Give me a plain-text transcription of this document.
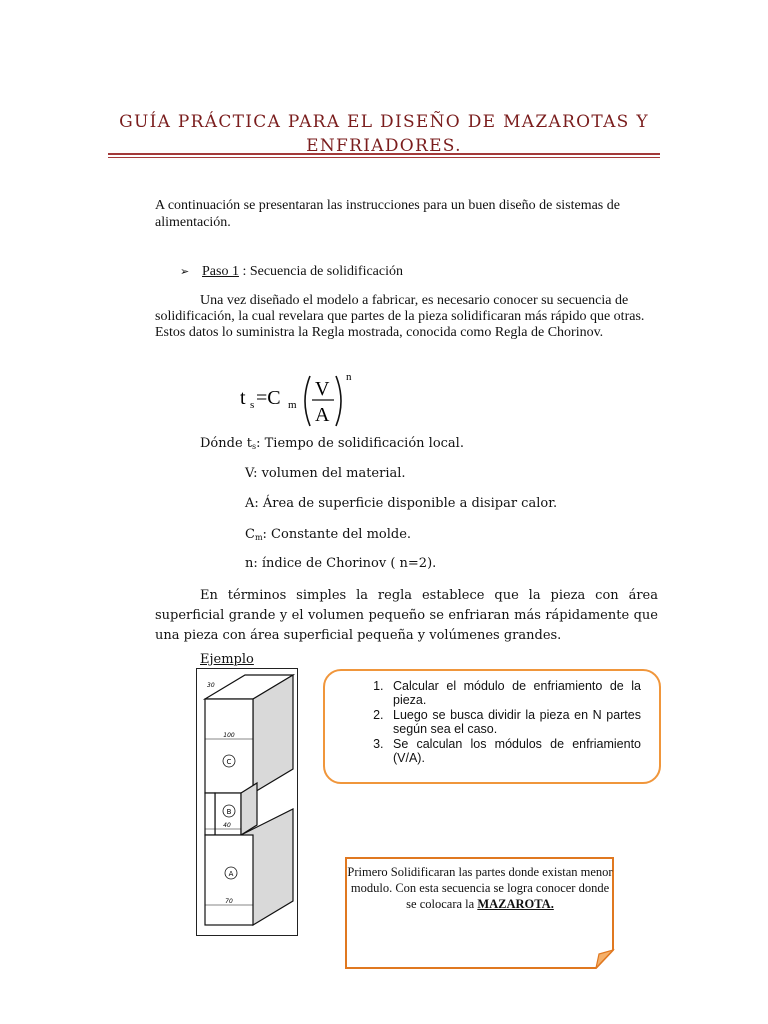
GUÍA PRÁCTICA PARA EL DISEÑO DE MAZAROTAS Y
ENFRIADORES.
A continuación se presentaran las instrucciones para un buen diseño de sistemas de alimentación.
➢ Paso 1 : Secuencia de solidificación
Una vez diseñado el modelo a fabricar, es necesario conocer su secuencia de solidificación, la cual revelara que partes de la pieza solidificaran más rápido que otras. Estos datos lo suministra la Regla mostrada, conocida como Regla de Chorinov.
t s =C m
V
A
n
Dónde $t_s$: Tiempo de solidificación local.
V: volumen del material.
A: Área de superficie disponible a disipar calor.
$C_m$: Constante del molde.
n: índice de Chorinov ( n=2).
En términos simples la regla establece que la pieza con área superficial grande y el volumen pequeño se enfriaran más rápidamente que una pieza con área superficial pequeña y volúmenes grandes.
Ejemplo
100
40
70
30
C
B
A
1. Calcular el módulo de enfriamiento de la pieza.
2. Luego se busca dividir la pieza en N partes según sea el caso.
3. Se calculan los módulos de enfriamiento (V/A).
Primero Solidificaran las partes donde existan menor modulo. Con esta secuencia se logra conocer donde se colocara la MAZAROTA.
